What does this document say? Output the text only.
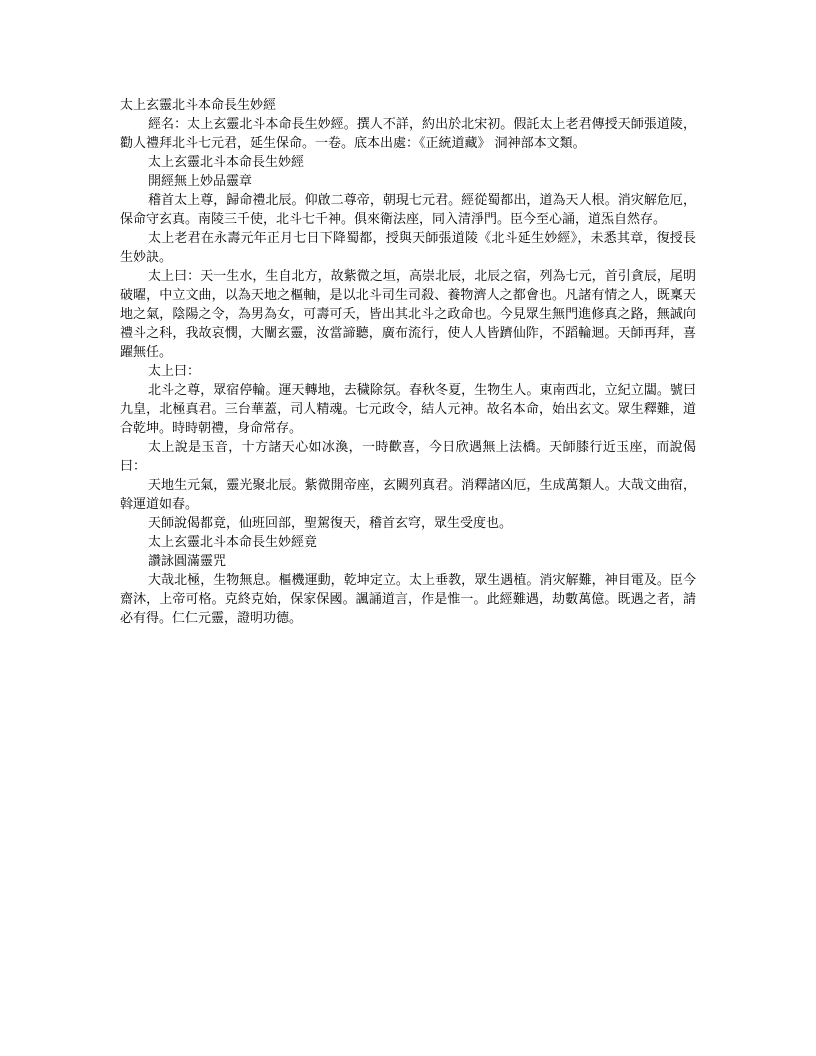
太上玄靈北斗本命長生妙經

經名：太上玄靈北斗本命長生妙經。撰人不詳，約出於北宋初。假託太上老君傳授天師張道陵，勸人禮拜北斗七元君，延生保命。一卷。底本出處：《正統道藏》 洞神部本文類。

太上玄靈北斗本命長生妙經

開經無上妙品靈章

稽首太上尊，歸命禮北辰。仰啟二尊帝，朝現七元君。經從蜀都出，道為天人根。消灾解危厄，保命守玄真。南陵三千使，北斗七千神。俱來衛法座，同入清淨門。臣今至心誦，道炁自然存。

太上老君在永壽元年正月七日下降蜀都，授與天師張道陵《北斗延生妙經》，未悉其章，復授長生妙訣。

太上曰：天一生水，生自北方，故紫微之垣，高崇北辰，北辰之宿，列為七元，首引貪辰，尾明破曜，中立文曲，以為天地之樞軸，是以北斗司生司殺、養物濟人之都會也。凡諸有情之人，既稟天地之氣，陰陽之令，為男為女，可壽可夭，皆出其北斗之政命也。今見眾生無門進修真之路，無誠向禮斗之科，我故哀憫，大闡玄靈，汝當諦聽，廣布流行，使人人皆躋仙阼，不蹈輪迴。天師再拜，喜躍無任。

太上曰：

北斗之尊，眾宿停輪。運天轉地，去穢除氛。春秋冬夏，生物生人。東南西北，立紀立闆。號曰九皇，北極真君。三台華蓋，司人精魂。七元政令，結人元神。故名本命，始出玄文。眾生釋難，道合乾坤。時時朝禮，身命常存。

太上說是玉音，十方諸天心如冰渙，一時歡喜，今日欣遇無上法橋。天師膝行近玉座，而說偈曰：

天地生元氣，靈光聚北辰。紫微開帝座，玄闕列真君。消釋諸凶厄，生成萬類人。大哉文曲宿，斡運道如春。

天師說偈都竟，仙班回部，聖駕復天，稽首玄穹，眾生受度也。

太上玄靈北斗本命長生妙經竟

讚詠圓滿靈咒

大哉北極，生物無息。樞機運動，乾坤定立。太上垂教，眾生遇植。消灾解難，神目電及。臣今齋沐，上帝可格。克終克始，保家保國。諷誦道言，作是惟一。此經難遇，劫數萬億。既遇之者，請必有得。仁仁元靈，證明功德。
